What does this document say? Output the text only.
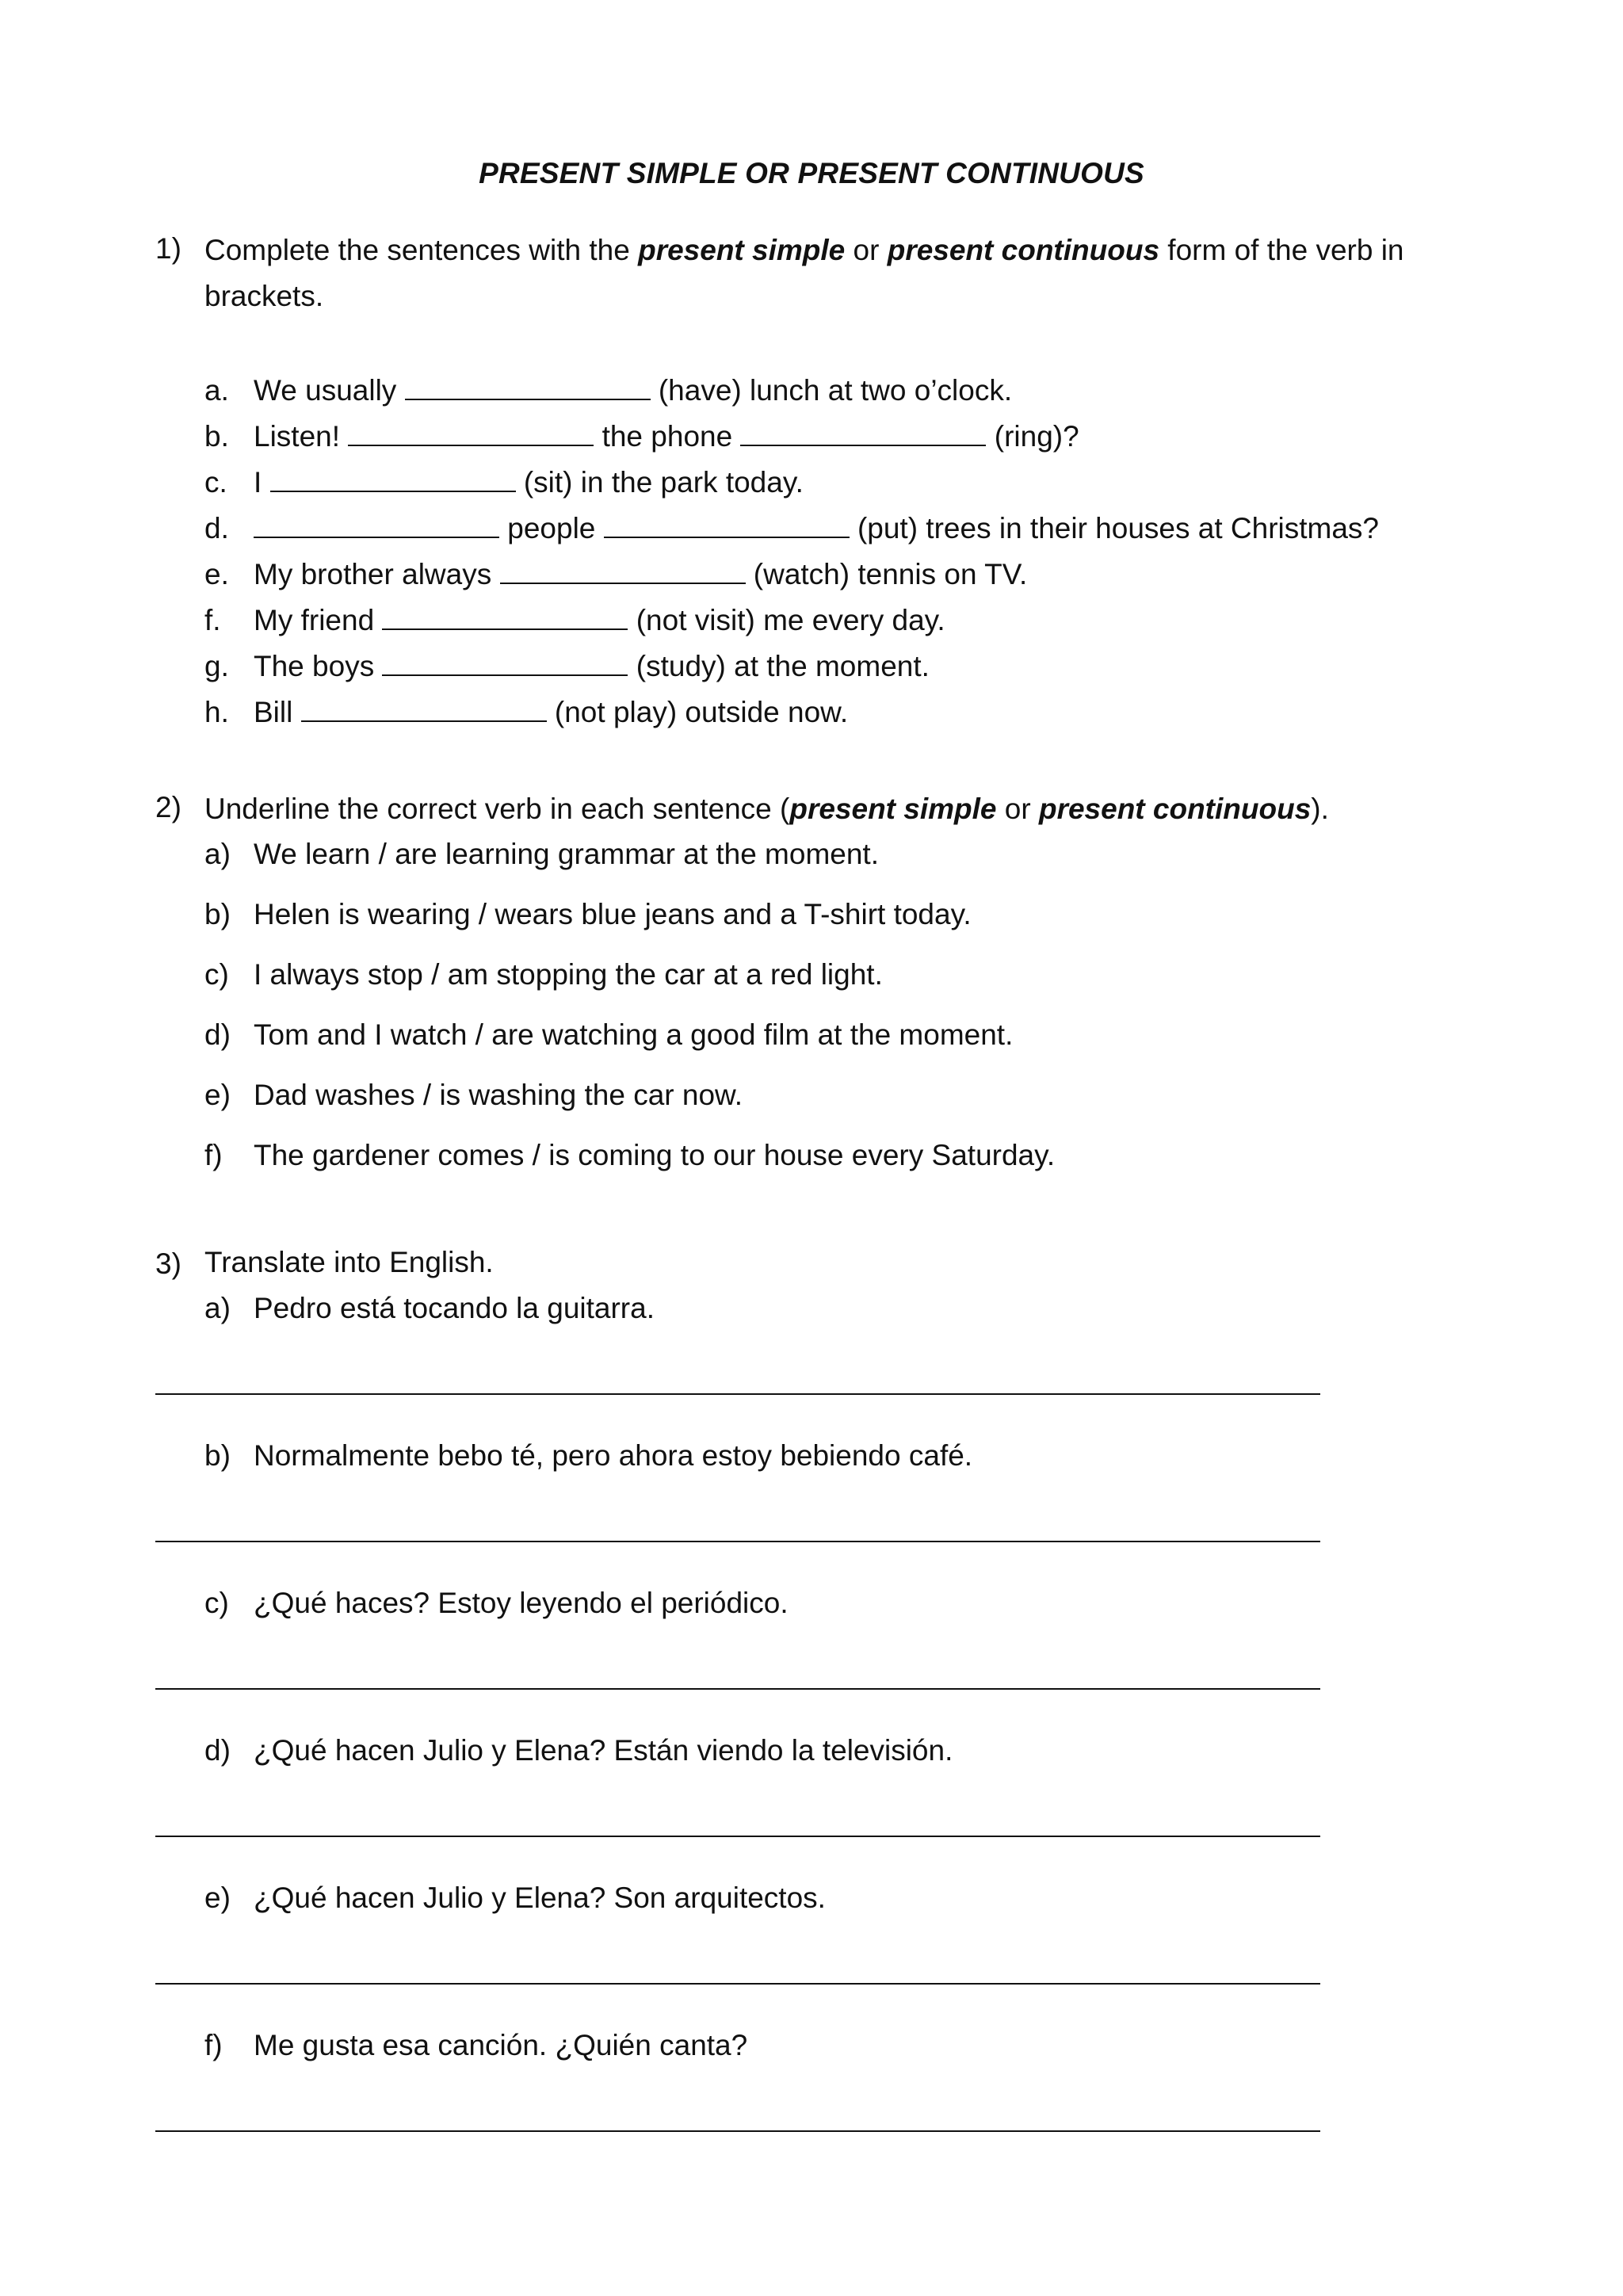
PRESENT SIMPLE OR PRESENT CONTINUOUS
1) Complete the sentences with the present simple or present continuous form of the verb in
brackets.
a. We usually	(have) lunch at two o’clock.
b. Listen!	the phone	(ring)?
c. I	(sit) in the park today.
d.	people	(put) trees in their houses at Christmas?
e. My brother always	(watch) tennis on TV.
f. My friend	(not visit) me every day.
g. The boys	(study) at the moment.
h. Bill	(not play) outside now.
2) Underline the correct verb in each sentence (present simple or present continuous).
a) We learn / are learning grammar at the moment.
b) Helen is wearing / wears blue jeans and a T-shirt today.
c) I always stop / am stopping the car at a red light.
d) Tom and I watch / are watching a good film at the moment.
e) Dad washes / is washing the car now.
f) The gardener comes / is coming to our house every Saturday.
3) Translate into English.
a) Pedro está tocando la guitarra.
b) Normalmente bebo té, pero ahora estoy bebiendo café.
c) ¿Qué haces? Estoy leyendo el periódico.
d) ¿Qué hacen Julio y Elena? Están viendo la televisión.
e) ¿Qué hacen Julio y Elena? Son arquitectos.
f) Me gusta esa canción. ¿Quién canta?
